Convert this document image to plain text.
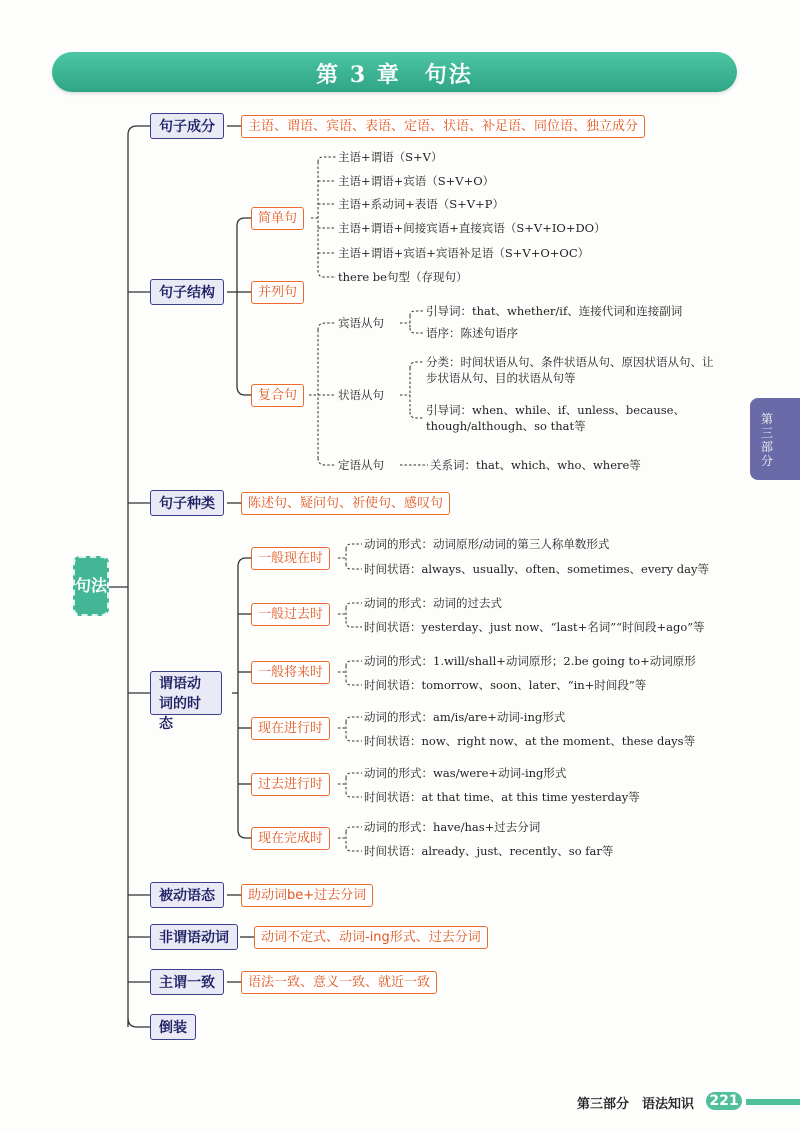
第 3 章　句法
句法
句子成分	主语、谓语、宾语、表语、定语、状语、补足语、同位语、独立成分
句子结构
简单句
并列句
复合句
主语+谓语（S+V）
主语+谓语+宾语（S+V+O）
主语+系动词+表语（S+V+P）
主语+谓语+间接宾语+直接宾语（S+V+IO+DO）
主语+谓语+宾语+宾语补足语（S+V+O+OC）
there be句型（存现句）
宾语从句
引导词：that、whether/if、连接代词和连接副词
语序：陈述句语序
状语从句
分类：时间状语从句、条件状语从句、原因状语从句、让步状语从句、目的状语从句等
引导词：when、while、if、unless、because、though/although、so that等
定语从句	关系词：that、which、who、where等
句子种类	陈述句、疑问句、祈使句、感叹句
谓语动词的时态
一般现在时
动词的形式：动词原形/动词的第三人称单数形式
时间状语：always、usually、often、sometimes、every day等
一般过去时
动词的形式：动词的过去式
时间状语：yesterday、just now、“last+名词”“时间段+ago”等
一般将来时
动词的形式：1.will/shall+动词原形；2.be going to+动词原形
时间状语：tomorrow、soon、later、“in+时间段”等
现在进行时
动词的形式：am/is/are+动词-ing形式
时间状语：now、right now、at the moment、these days等
过去进行时
动词的形式：was/were+动词-ing形式
时间状语：at that time、at this time yesterday等
现在完成时
动词的形式：have/has+过去分词
时间状语：already、just、recently、so far等
被动语态	助动词be+过去分词
非谓语动词	动词不定式、动词-ing形式、过去分词
主谓一致	语法一致、意义一致、就近一致
倒装
第三部分
第三部分　语法知识 221
